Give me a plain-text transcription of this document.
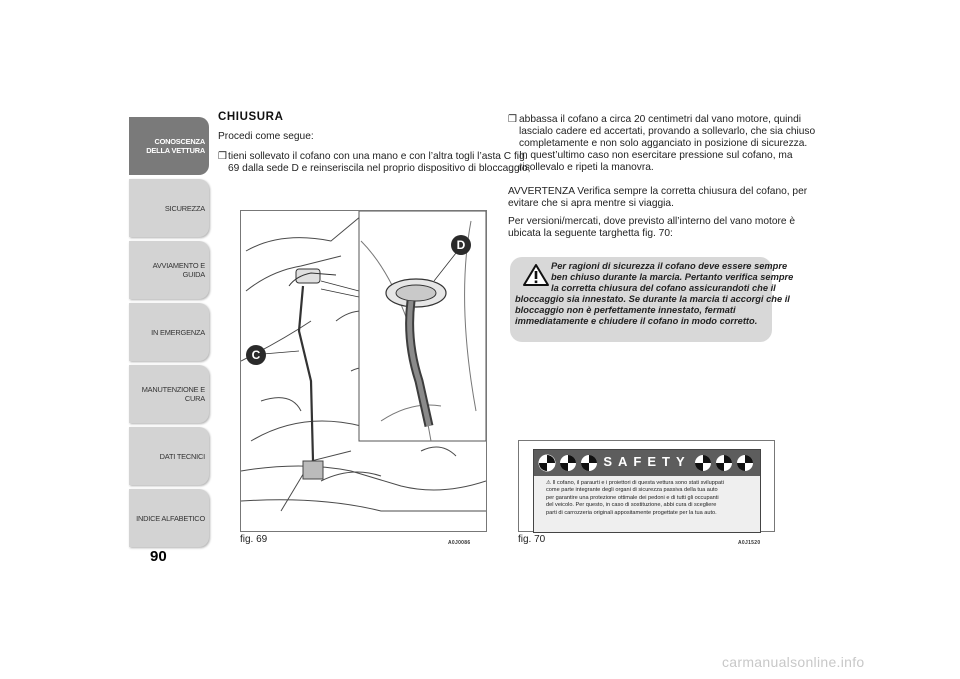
CONOSCENZA
DELLA VETTURA
SICUREZZA
AVVIAMENTO E
GUIDA
IN EMERGENZA
MANUTENZIONE E
CURA
DATI TECNICI
INDICE ALFABETICO
90
CHIUSURA
Procedi come segue:
❒ tieni sollevato il cofano con una mano e con l’altra togli l’asta C fig.
69 dalla sede D e reinseriscila nel proprio dispositivo di bloccaggio;
C
D
fig. 69	A0J0086
❒ abbassa il cofano a circa 20 centimetri dal vano motore, quindi
lascialo cadere ed accertati, provando a sollevarlo, che sia chiuso
completamente e non solo agganciato in posizione di sicurezza.
In quest’ultimo caso non esercitare pressione sul cofano, ma
risollevalo e ripeti la manovra.
AVVERTENZA Verifica sempre la corretta chiusura del cofano, per
evitare che si apra mentre si viaggia.
Per versioni/mercati, dove previsto all’interno del vano motore è
ubicata la seguente targhetta fig. 70:
Per ragioni di sicurezza il cofano deve essere sempre
ben chiuso durante la marcia. Pertanto verifica sempre
la corretta chiusura del cofano assicurandoti che il
bloccaggio sia innestato. Se durante la marcia ti accorgi che il
bloccaggio non è perfettamente innestato, fermati
immediatamente e chiudere il cofano in modo corretto.
SAFETY
⚠ Il cofano, il paraurti e i proiettori di questa vettura sono stati sviluppati
come parte integrante degli organi di sicurezza passiva della tua auto
per garantire una protezione ottimale dei pedoni e di tutti gli occupanti
del veicolo. Per questo, in caso di sostituzione, abbi cura di scegliere
parti di carrozzeria originali appositamente progettate per la tua auto.
fig. 70	A0J1520
carmanualsonline.info
